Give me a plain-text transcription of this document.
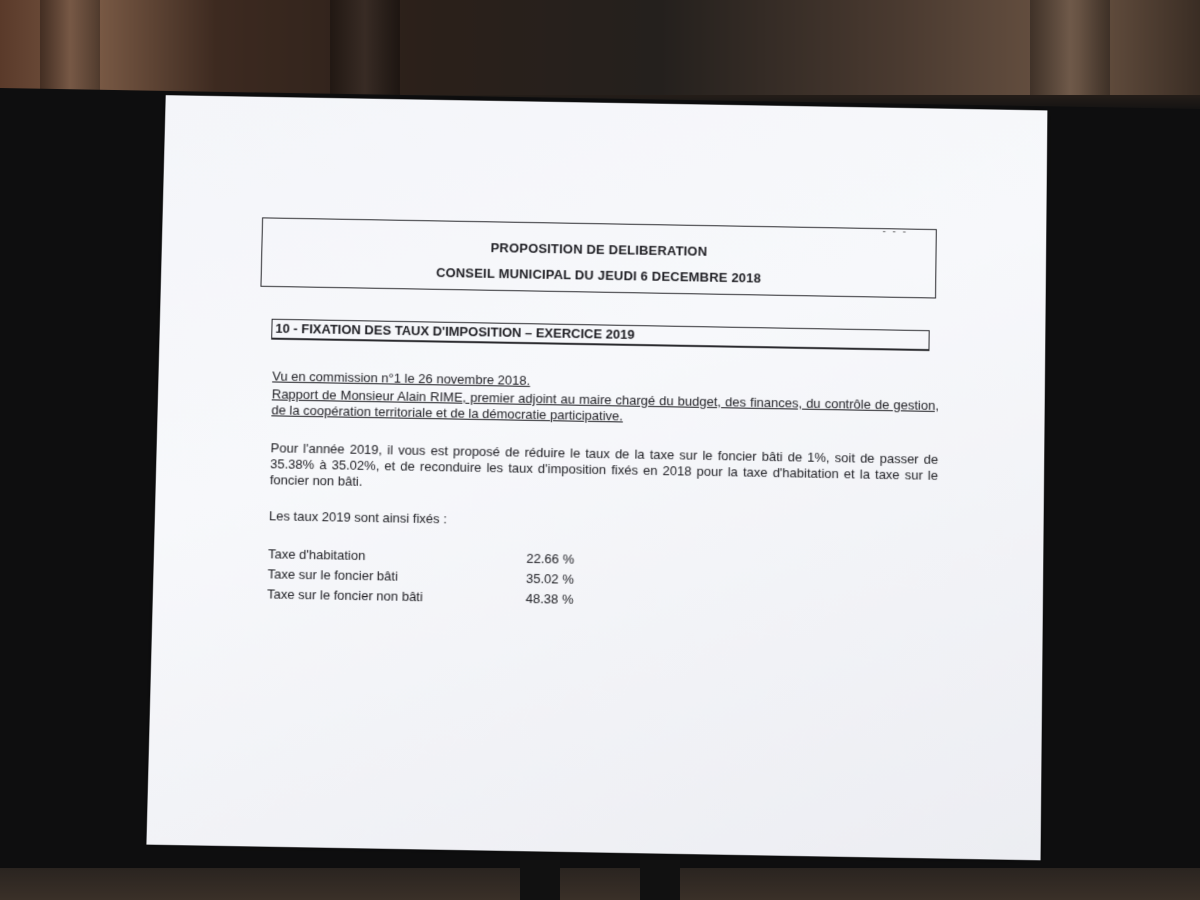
- - -
PROPOSITION DE DELIBERATION
CONSEIL MUNICIPAL DU JEUDI 6 DECEMBRE 2018
10 - FIXATION DES TAUX D'IMPOSITION – EXERCICE 2019
Vu en commission n°1 le 26 novembre 2018.
Rapport de Monsieur Alain RIME, premier adjoint au maire chargé du budget, des finances, du contrôle de gestion, de la coopération territoriale et de la démocratie participative.
Pour l'année 2019, il vous est proposé de réduire le taux de la taxe sur le foncier bâti de 1%, soit de passer de 35.38% à 35.02%, et de reconduire les taux d'imposition fixés en 2018 pour la taxe d'habitation et la taxe sur le foncier non bâti.
Les taux 2019 sont ainsi fixés :
Taxe d'habitation	22.66 %
Taxe sur le foncier bâti	35.02 %
Taxe sur le foncier non bâti	48.38 %
